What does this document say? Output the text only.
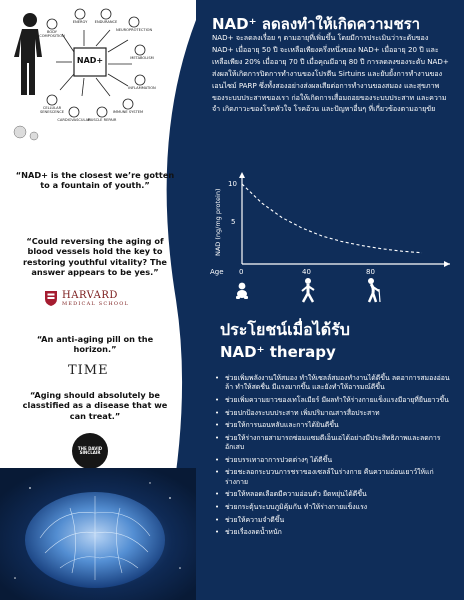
NAD+
ENERGY	ENDURANCE
NEUROPROTECTION
METABOLISM
INFLAMMATION
IMMUNE SYSTEM
MUSCLE REPAIR
CARDIOVASCULAR
CELLULAR SENESCENCE
BODY COMPOSITION
“NAD+ is the closest we’re gotten to a fountain of youth.”
“Could reversing the aging of blood vessels hold the key to restoring youthful vitality? The answer appears to be yes.”
HARVARD
MEDICAL SCHOOL
“An anti-aging pill on the horizon.”
TIME
“Aging should absolutely be classtified as a disease that we can treat.”
THE DAVID SINCLAIR
NAD⁺ ลดลงทำให้เกิดความชรา
NAD+ จะลดลงเรื่อย ๆ ตามอายุที่เพิ่มขึ้น โดยมีการประเมินว่าระดับของ NAD+ เมื่ออายุ 50 ปี จะเหลือเพียงครึ่งหนึ่งของ NAD+ เมื่ออายุ 20 ปี และเหลือเพียง 20% เมื่ออายุ 70 ปี เมื่อคุณมีอายุ 80 ปี การลดลงของระดับ NAD+ ส่งผลให้เกิดการปิดการทำงานของโปรตีน Sirtuins และยับยั้งการทำงานของเอนไซม์ PARP ซึ่งทั้งสองอย่างส่งผลเสียต่อการทำงานของสมอง และสุขภาพของระบบประสาทของเรา ก่อให้เกิดการเสื่อมถอยของระบบประสาท และความจำ เกิดภาวะของโรคหัวใจ โรคอ้วน และปัญหาอื่นๆ ที่เกี่ยวข้องตามอายุขัย
NAD (ng/mg protein)
10
5
Age 0	40	80
ประโยชน์เมื่อได้รับ
NAD⁺ therapy
• ช่วยเพิ่มพลังงานให้สมอง ทำให้เซลล์สมองทำงานได้ดีขึ้น ลดอาการสมองอ่อนล้า ทำให้สดชื่น มีแรงมากขึ้น และยังทำให้อารมณ์ดีขึ้น
• ช่วยเพิ่มความยาวของเทโลเมียร์ มีผลทำให้ร่างกายแข็งแรงมีอายุที่ยืนยาวขึ้น
• ช่วยปกป้องระบบประสาท เพิ่มปริมาณสารสื่อประสาท
• ช่วยให้การนอนหลับและการได้ยินดีขึ้น
• ช่วยให้ร่างกายสามารถซ่อมแซมดีเอ็นเอได้อย่างมีประสิทธิภาพและลดการอักเสบ
• ช่วยบรรเทาอาการปวดต่างๆ ได้ดีขึ้น
• ช่วยชะลอกระบวนการชราของเซลล์ในร่างกาย คืนความอ่อนเยาว์ให้แก่ร่างกาย
• ช่วยให้หลอดเลือดมีความอ่อนตัว ยืดหยุ่นได้ดีขึ้น
• ช่วยกระตุ้นระบบภูมิคุ้มกัน ทำให้ร่างกายแข็งแรง
• ช่วยให้ความจำดีขึ้น
• ช่วยเรื่องลดน้ำหนัก
